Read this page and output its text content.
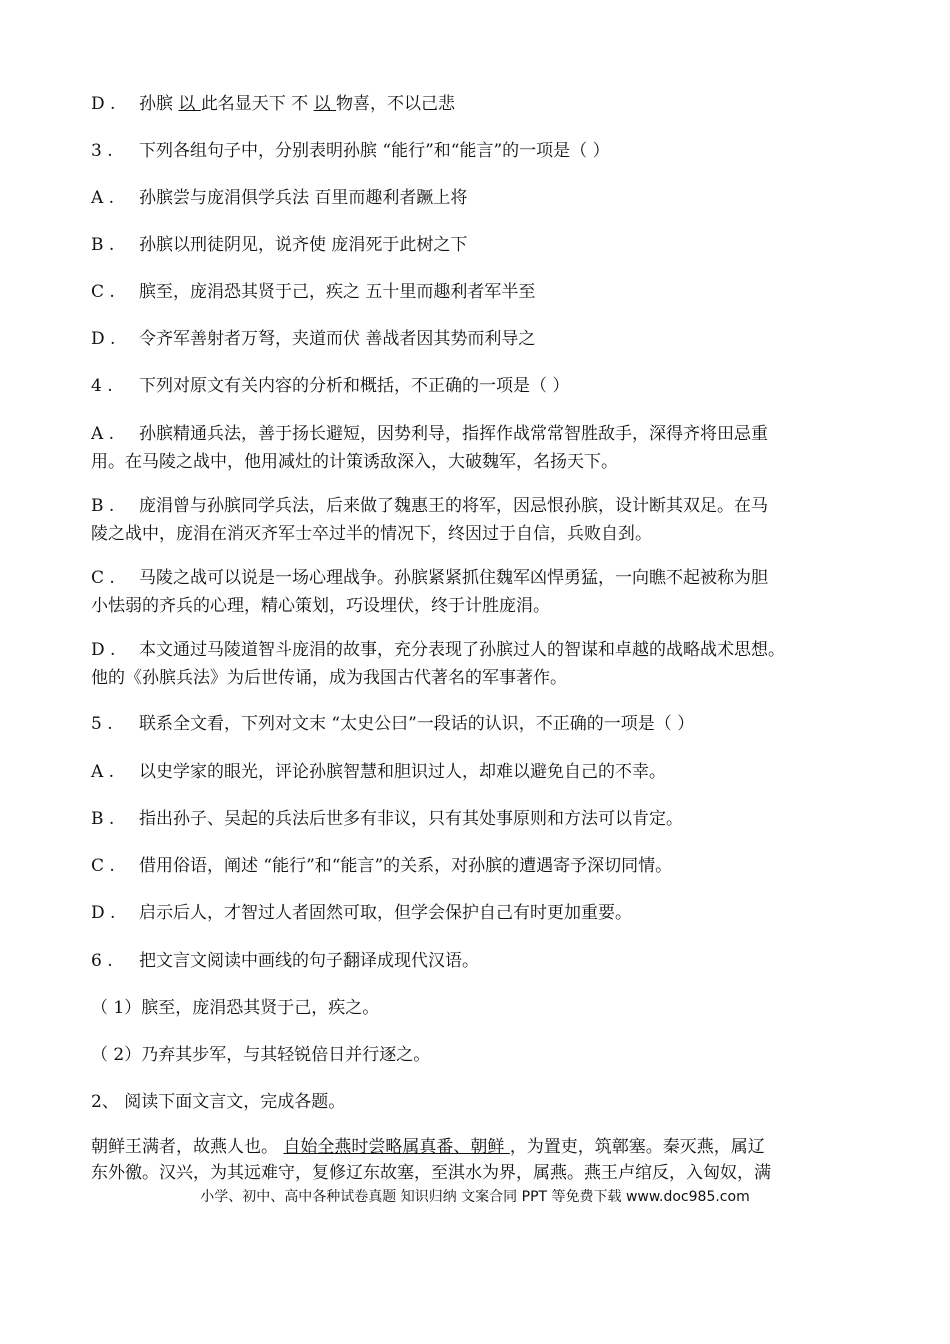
D . 孙膑 以 此名显天下 不 以 物喜，不以己悲
3 . 下列各组句子中，分别表明孙膑 “能行”和“能言”的一项是（ ）
A . 孙膑尝与庞涓俱学兵法 百里而趣利者蹶上将
B . 孙膑以刑徒阴见，说齐使 庞涓死于此树之下
C . 膑至，庞涓恐其贤于己，疾之 五十里而趣利者军半至
D . 令齐军善射者万弩，夹道而伏 善战者因其势而利导之
4 . 下列对原文有关内容的分析和概括，不正确的一项是（ ）
A . 孙膑精通兵法，善于扬长避短，因势利导，指挥作战常常智胜敌手，深得齐将田忌重
用。在马陵之战中，他用减灶的计策诱敌深入，大破魏军，名扬天下。
B . 庞涓曾与孙膑同学兵法，后来做了魏惠王的将军，因忌恨孙膑，设计断其双足。在马
陵之战中，庞涓在消灭齐军士卒过半的情况下，终因过于自信，兵败自刭。
C . 马陵之战可以说是一场心理战争。孙膑紧紧抓住魏军凶悍勇猛，一向瞧不起被称为胆
小怯弱的齐兵的心理，精心策划，巧设埋伏，终于计胜庞涓。
D . 本文通过马陵道智斗庞涓的故事，充分表现了孙膑过人的智谋和卓越的战略战术思想。
他的《孙膑兵法》为后世传诵，成为我国古代著名的军事著作。
5 . 联系全文看，下列对文末 “太史公曰”一段话的认识，不正确的一项是（ ）
A . 以史学家的眼光，评论孙膑智慧和胆识过人，却难以避免自己的不幸。
B . 指出孙子、吴起的兵法后世多有非议，只有其处事原则和方法可以肯定。
C . 借用俗语，阐述 “能行”和“能言”的关系，对孙膑的遭遇寄予深切同情。
D . 启示后人，才智过人者固然可取，但学会保护自己有时更加重要。
6 . 把文言文阅读中画线的句子翻译成现代汉语。
（ 1）膑至，庞涓恐其贤于己，疾之。
（ 2）乃弃其步军，与其轻锐倍日并行逐之。
2、 阅读下面文言文，完成各题。
朝鲜王满者，故燕人也。 自始全燕时尝略属真番、朝鲜 ，为置吏，筑鄣塞。秦灭燕，属辽
东外徼。汉兴，为其远难守，复修辽东故塞，至淇水为界，属燕。燕王卢绾反，入匈奴，满
小学、初中、高中各种试卷真题 知识归纳 文案合同 PPT 等免费下载 www.doc985.com
